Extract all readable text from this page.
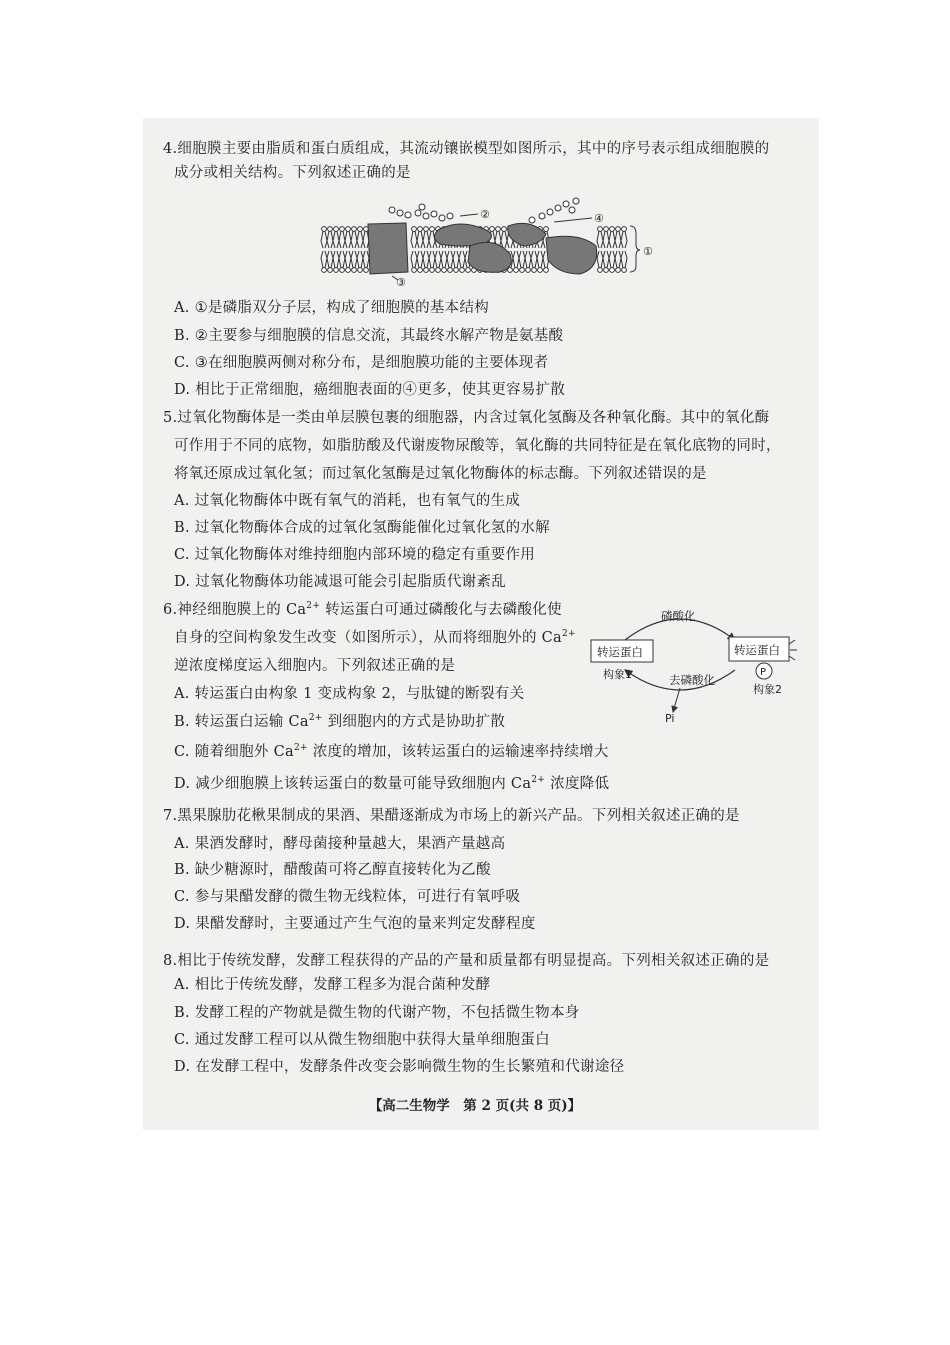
4.细胞膜主要由脂质和蛋白质组成，其流动镶嵌模型如图所示，其中的序号表示组成细胞膜的
成分或相关结构。下列叙述正确的是
①
②
③
④
A. ①是磷脂双分子层，构成了细胞膜的基本结构
B. ②主要参与细胞膜的信息交流，其最终水解产物是氨基酸
C. ③在细胞膜两侧对称分布，是细胞膜功能的主要体现者
D. 相比于正常细胞，癌细胞表面的④更多，使其更容易扩散
5.过氧化物酶体是一类由单层膜包裹的细胞器，内含过氧化氢酶及各种氧化酶。其中的氧化酶
可作用于不同的底物，如脂肪酸及代谢废物尿酸等，氧化酶的共同特征是在氧化底物的同时，
将氧还原成过氧化氢；而过氧化氢酶是过氧化物酶体的标志酶。下列叙述错误的是
A. 过氧化物酶体中既有氧气的消耗，也有氧气的生成
B. 过氧化物酶体合成的过氧化氢酶能催化过氧化氢的水解
C. 过氧化物酶体对维持细胞内部环境的稳定有重要作用
D. 过氧化物酶体功能减退可能会引起脂质代谢紊乱
6.神经细胞膜上的 $Ca^{2+}$ 转运蛋白可通过磷酸化与去磷酸化使
自身的空间构象发生改变（如图所示），从而将细胞外的 $Ca^{2+}$
逆浓度梯度运入细胞内。下列叙述正确的是
磷酸化
去磷酸化
转运蛋白	转运蛋白
P
构象1
构象2
Pi
A. 转运蛋白由构象 1 变成构象 2，与肽键的断裂有关
B. 转运蛋白运输 $Ca^{2+}$ 到细胞内的方式是协助扩散
C. 随着细胞外 $Ca^{2+}$ 浓度的增加，该转运蛋白的运输速率持续增大
D. 减少细胞膜上该转运蛋白的数量可能导致细胞内 $Ca^{2+}$ 浓度降低
7.黑果腺肋花楸果制成的果酒、果醋逐渐成为市场上的新兴产品。下列相关叙述正确的是
A. 果酒发酵时，酵母菌接种量越大，果酒产量越高
B. 缺少糖源时，醋酸菌可将乙醇直接转化为乙酸
C. 参与果醋发酵的微生物无线粒体，可进行有氧呼吸
D. 果醋发酵时，主要通过产生气泡的量来判定发酵程度
8.相比于传统发酵，发酵工程获得的产品的产量和质量都有明显提高。下列相关叙述正确的是
A. 相比于传统发酵，发酵工程多为混合菌种发酵
B. 发酵工程的产物就是微生物的代谢产物，不包括微生物本身
C. 通过发酵工程可以从微生物细胞中获得大量单细胞蛋白
D. 在发酵工程中，发酵条件改变会影响微生物的生长繁殖和代谢途径
【高二生物学　第 2 页(共 8 页)】
